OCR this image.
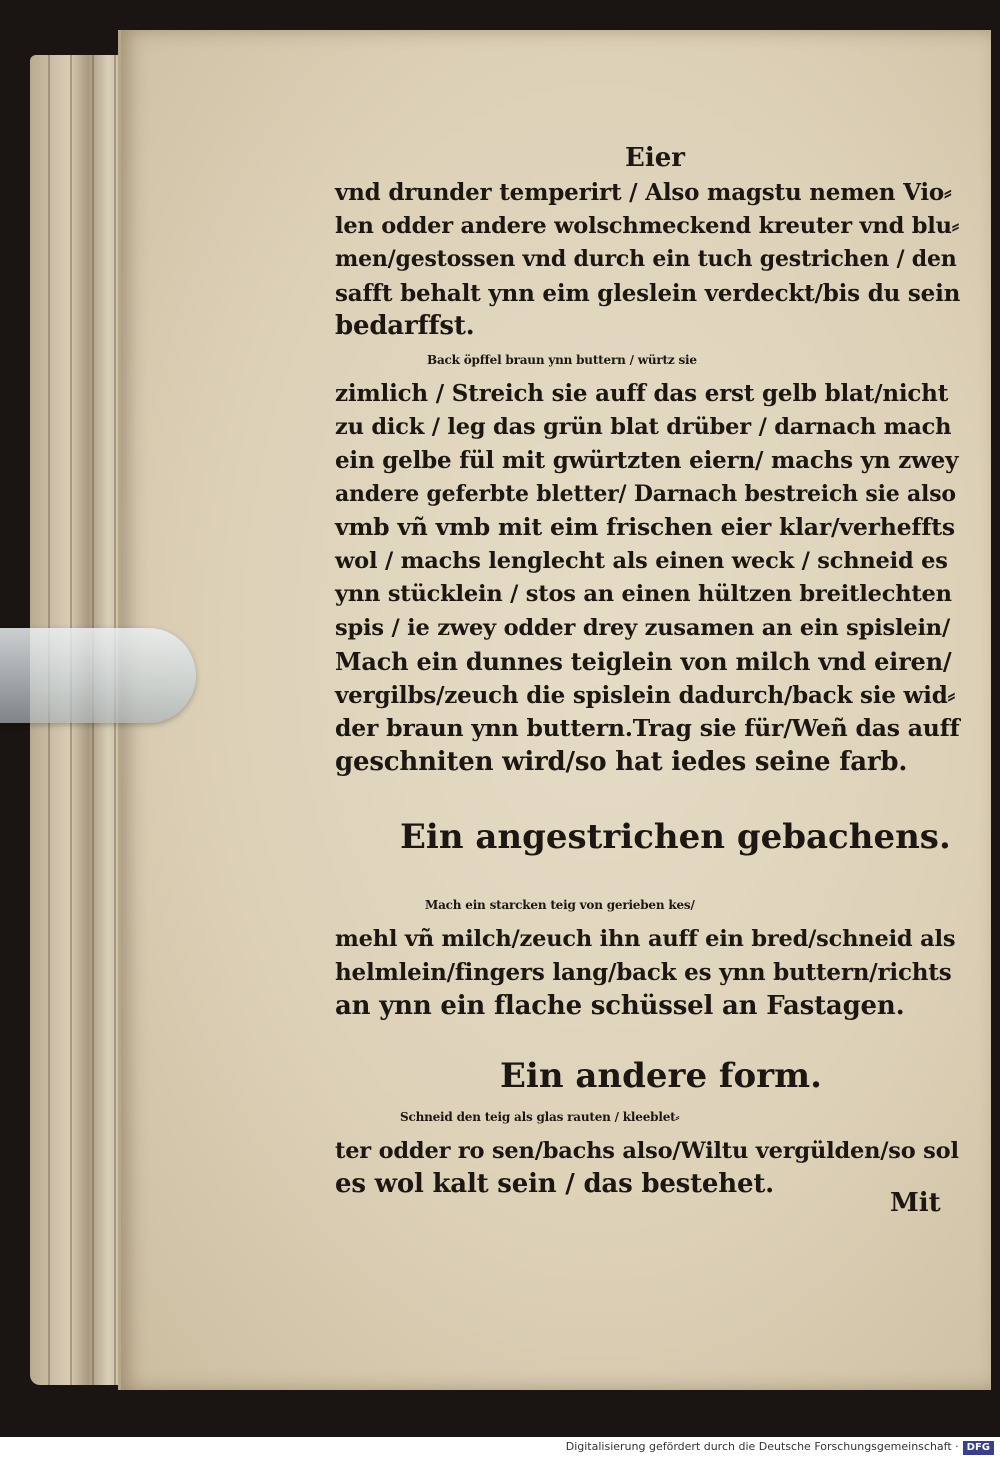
Eier
vnd drunder temperirt / Also magstu nemen Vio⸗
len odder andere wolschmeckend kreuter vnd blu⸗
men/gestossen vnd durch ein tuch gestrichen / den
safft behalt ynn eim gleslein verdeckt/bis du sein
bedarffst.
Back öpffel braun ynn buttern / würtz sie
zimlich / Streich sie auff das erst gelb blat/nicht
zu dick / leg das grün blat drüber / darnach mach
ein gelbe fül mit gwürtzten eiern/ machs yn zwey
andere geferbte bletter/ Darnach bestreich sie also
vmb vñ vmb mit eim frischen eier klar/verheffts
wol / machs lenglecht als einen weck / schneid es
ynn stücklein / stos an einen hültzen breitlechten
spis / ie zwey odder drey zusamen an ein spislein/
Mach ein dunnes teiglein von milch vnd eiren/
vergilbs/zeuch die spislein dadurch/back sie wid⸗
der braun ynn buttern.Trag sie für/Weñ das auff
geschniten wird/so hat iedes seine farb.
Ein angestrichen gebachens.
Mach ein starcken teig von gerieben kes/
mehl vñ milch/zeuch ihn auff ein bred/schneid als
helmlein/fingers lang/back es ynn buttern/richts
an ynn ein flache schüssel an Fastagen.
Ein andere form.
Schneid den teig als glas rauten / kleeblet⸗
ter odder ro sen/bachs also/Wiltu vergülden/so sol
es wol kalt sein / das bestehet.
Mit
Digitalisierung gefördert durch die Deutsche Forschungsgemeinschaft · DFG
